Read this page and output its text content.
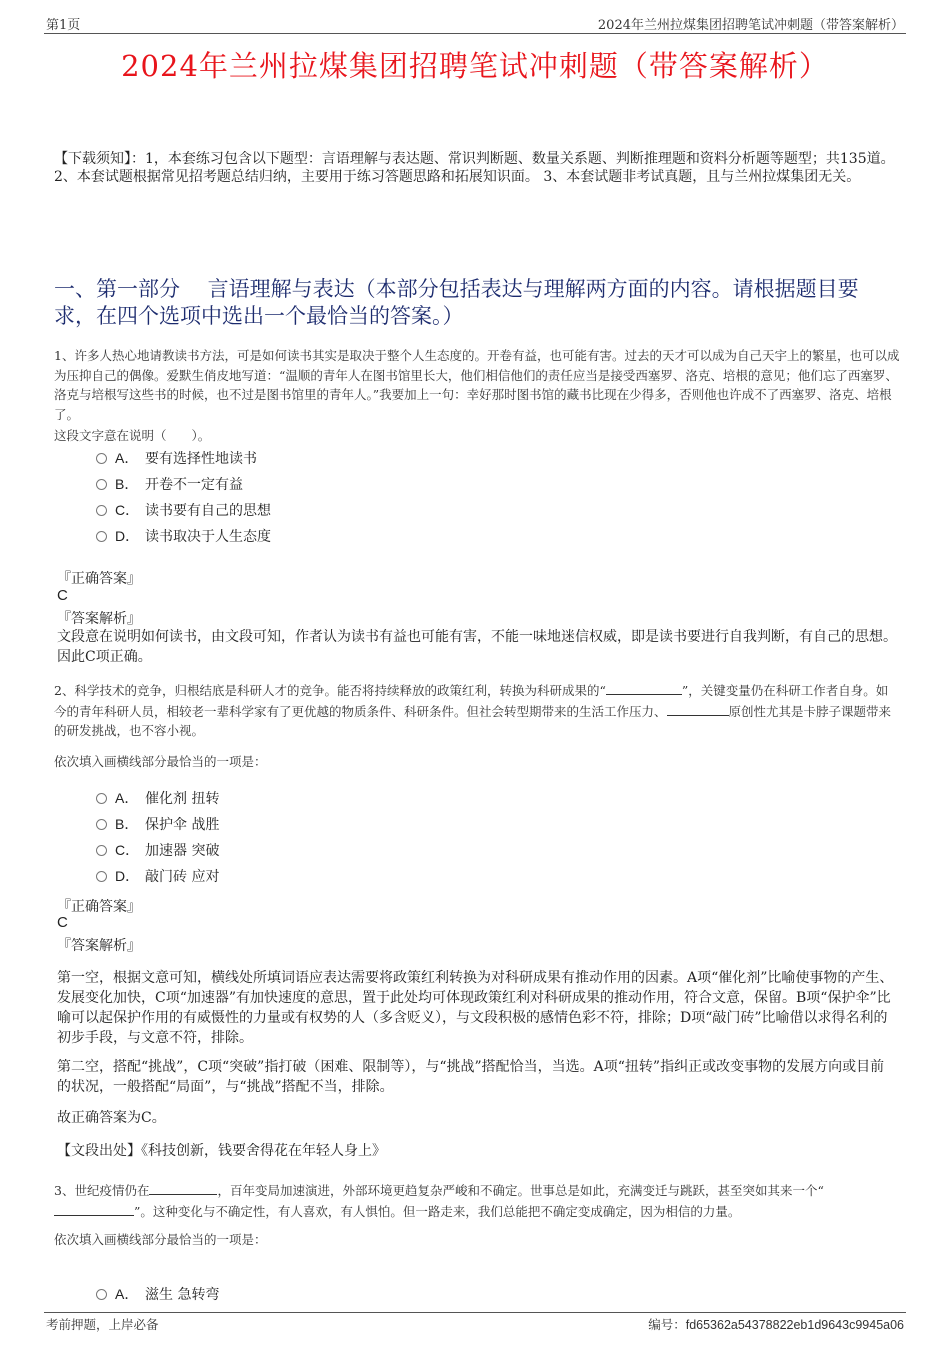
第1页	2024年兰州拉煤集团招聘笔试冲刺题（带答案解析）
2024年兰州拉煤集团招聘笔试冲刺题（带答案解析）
【下载须知】：1，本套练习包含以下题型：言语理解与表达题、常识判断题、数量关系题、判断推理题和资料分析题等题型；共135道。 2、本套试题根据常见招考题总结归纳，主要用于练习答题思路和拓展知识面。 3、本套试题非考试真题，且与兰州拉煤集团无关。
一、第一部分　 言语理解与表达（本部分包括表达与理解两方面的内容。请根据题目要求，在四个选项中选出一个最恰当的答案。）
1、许多人热心地请教读书方法，可是如何读书其实是取决于整个人生态度的。开卷有益，也可能有害。过去的天才可以成为自己天宇上的繁星，也可以成为压抑自己的偶像。爱默生俏皮地写道：“温顺的青年人在图书馆里长大，他们相信他们的责任应当是接受西塞罗、洛克、培根的意见；他们忘了西塞罗、洛克与培根写这些书的时候，也不过是图书馆里的青年人。”我要加上一句：幸好那时图书馆的藏书比现在少得多，否则他也许成不了西塞罗、洛克、培根了。
这段文字意在说明（　　）。
A． 要有选择性地读书
B． 开卷不一定有益
C． 读书要有自己的思想
D． 读书取决于人生态度
『正确答案』
C
『答案解析』
文段意在说明如何读书，由文段可知，作者认为读书有益也可能有害，不能一味地迷信权威，即是读书要进行自我判断，有自己的思想。因此C项正确。
2、科学技术的竞争，归根结底是科研人才的竞争。能否将持续释放的政策红利，转换为科研成果的“	”，关键变量仍在科研工作者自身。如今的青年科研人员，相较老一辈科学家有了更优越的物质条件、科研条件。但社会转型期带来的生活工作压力、	原创性尤其是卡脖子课题带来的研发挑战，也不容小视。
依次填入画横线部分最恰当的一项是：
A． 催化剂 扭转
B． 保护伞 战胜
C． 加速器 突破
D． 敲门砖 应对
『正确答案』
C
『答案解析』
第一空，根据文意可知，横线处所填词语应表达需要将政策红利转换为对科研成果有推动作用的因素。A项“催化剂”比喻使事物的产生、发展变化加快，C项“加速器”有加快速度的意思，置于此处均可体现政策红利对科研成果的推动作用，符合文意，保留。B项“保护伞”比喻可以起保护作用的有威慑性的力量或有权势的人（多含贬义），与文段积极的感情色彩不符，排除；D项“敲门砖”比喻借以求得名利的初步手段，与文意不符，排除。
第二空，搭配“挑战”，C项“突破”指打破（困难、限制等），与“挑战”搭配恰当，当选。A项“扭转”指纠正或改变事物的发展方向或目前的状况，一般搭配“局面”，与“挑战”搭配不当，排除。
故正确答案为C。
【文段出处】《科技创新，钱要舍得花在年轻人身上》
3、世纪疫情仍在	，百年变局加速演进，外部环境更趋复杂严峻和不确定。世事总是如此，充满变迁与跳跃，甚至突如其来一个“”。这种变化与不确定性，有人喜欢，有人惧怕。但一路走来，我们总能把不确定变成确定，因为相信的力量。
依次填入画横线部分最恰当的一项是：
A． 滋生 急转弯
考前押题，上岸必备	编号：fd65362a54378822eb1d9643c9945a06
